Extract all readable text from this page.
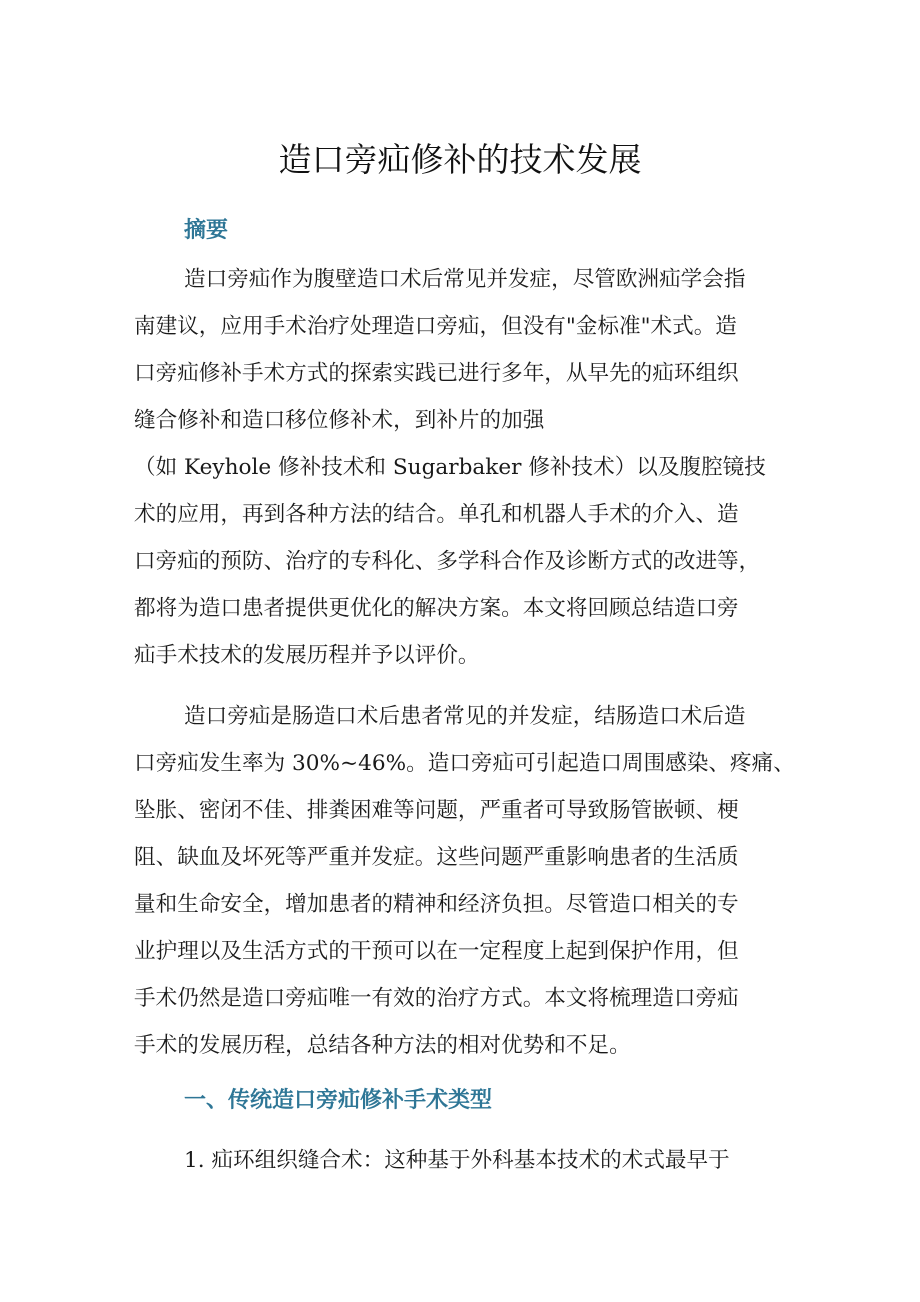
造口旁疝修补的技术发展
摘要

造口旁疝作为腹壁造口术后常见并发症，尽管欧洲疝学会指
南建议，应用手术治疗处理造口旁疝，但没有"金标准"术式。造
口旁疝修补手术方式的探索实践已进行多年，从早先的疝环组织
缝合修补和造口移位修补术，到补片的加强
（如 Keyhole 修补技术和 Sugarbaker 修补技术）以及腹腔镜技
术的应用，再到各种方法的结合。单孔和机器人手术的介入、造
口旁疝的预防、治疗的专科化、多学科合作及诊断方式的改进等，
都将为造口患者提供更优化的解决方案。本文将回顾总结造口旁
疝手术技术的发展历程并予以评价。

造口旁疝是肠造口术后患者常见的并发症，结肠造口术后造
口旁疝发生率为 30%~46%。造口旁疝可引起造口周围感染、疼痛、
坠胀、密闭不佳、排粪困难等问题，严重者可导致肠管嵌顿、梗
阻、缺血及坏死等严重并发症。这些问题严重影响患者的生活质
量和生命安全，增加患者的精神和经济负担。尽管造口相关的专
业护理以及生活方式的干预可以在一定程度上起到保护作用，但
手术仍然是造口旁疝唯一有效的治疗方式。本文将梳理造口旁疝
手术的发展历程，总结各种方法的相对优势和不足。

一、传统造口旁疝修补手术类型

1. 疝环组织缝合术：这种基于外科基本技术的术式最早于
